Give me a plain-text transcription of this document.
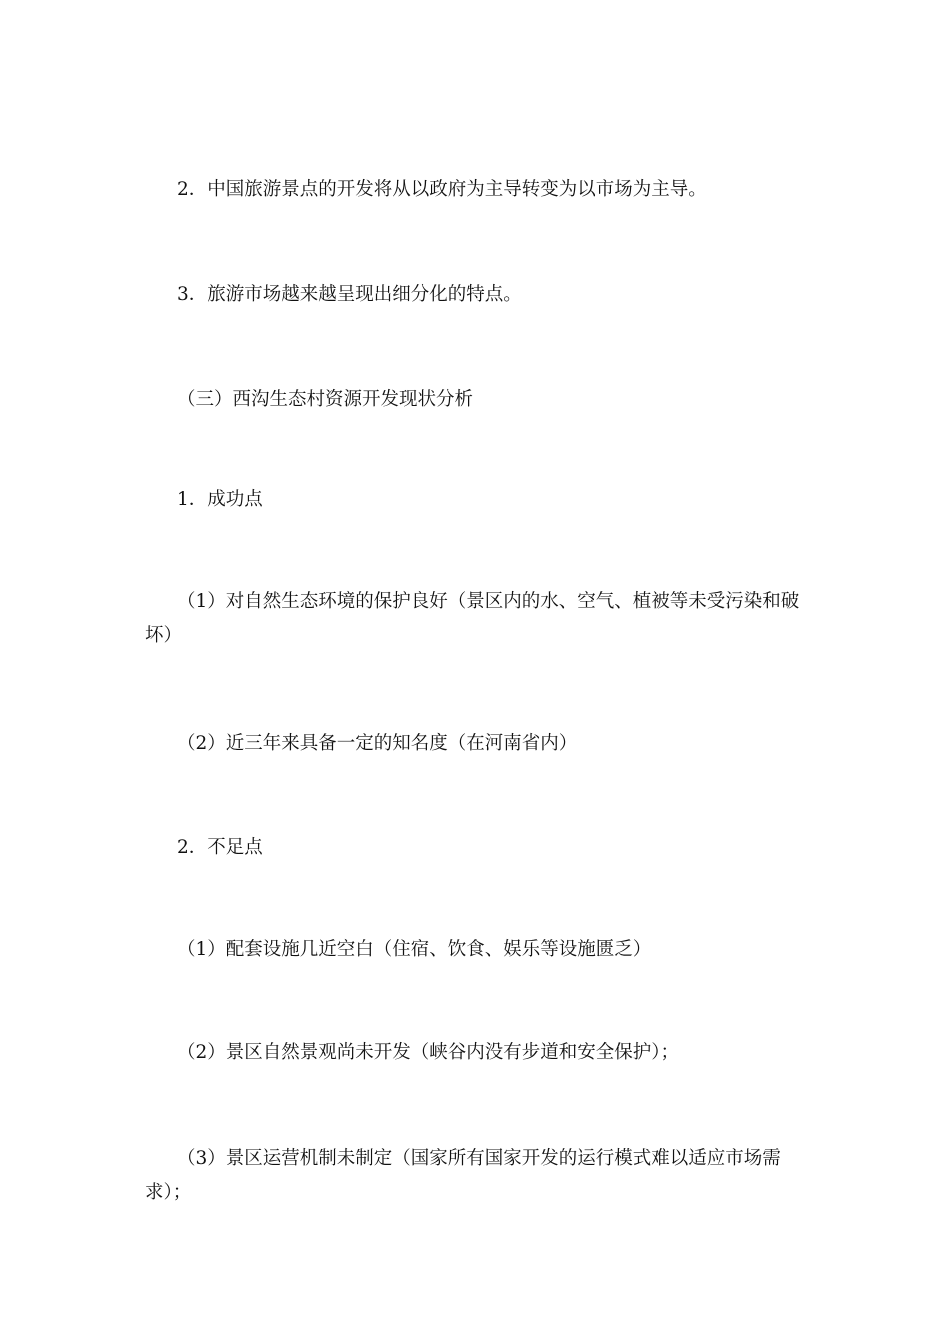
2．中国旅游景点的开发将从以政府为主导转变为以市场为主导。

3．旅游市场越来越呈现出细分化的特点。

（三）西沟生态村资源开发现状分析

1．成功点

（1）对自然生态环境的保护良好（景区内的水、空气、植被等未受污染和破坏）

（2）近三年来具备一定的知名度（在河南省内）

2．不足点

（1）配套设施几近空白（住宿、饮食、娱乐等设施匮乏）

（2）景区自然景观尚未开发（峡谷内没有步道和安全保护）；

（3）景区运营机制未制定（国家所有国家开发的运行模式难以适应市场需求）；
